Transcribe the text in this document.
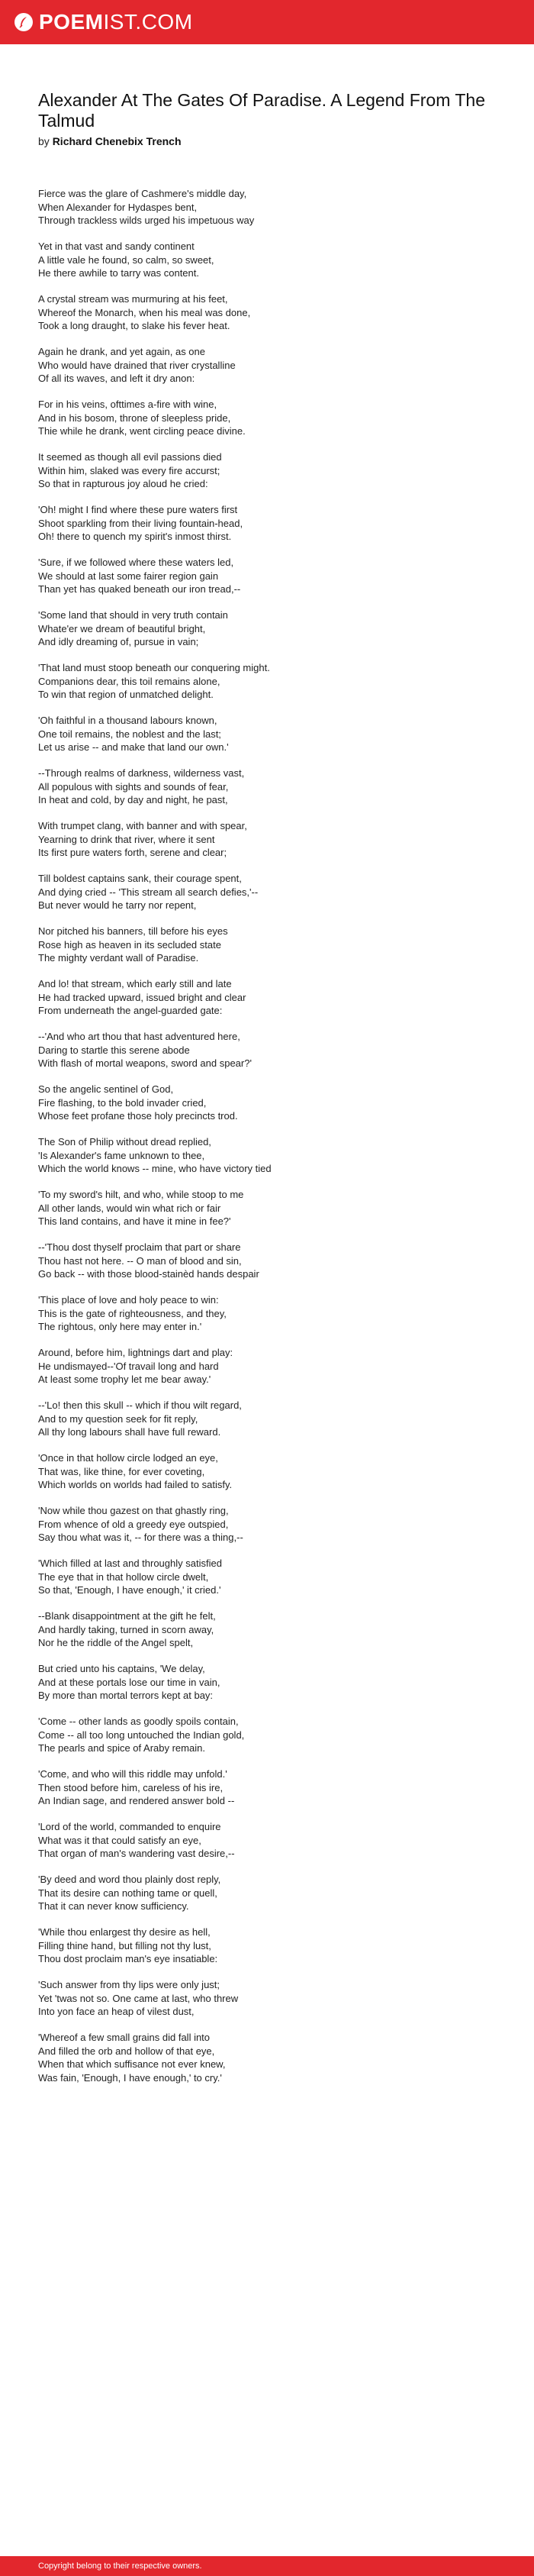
POEMIST.COM
Alexander At The Gates Of Paradise. A Legend From The Talmud
by Richard Chenebix Trench
Fierce was the glare of Cashmere's middle day,
When Alexander for Hydaspes bent,
Through trackless wilds urged his impetuous way
Yet in that vast and sandy continent
A little vale he found, so calm, so sweet,
He there awhile to tarry was content.
A crystal stream was murmuring at his feet,
Whereof the Monarch, when his meal was done,
Took a long draught, to slake his fever heat.
Again he drank, and yet again, as one
Who would have drained that river crystalline
Of all its waves, and left it dry anon:
For in his veins, ofttimes a-fire with wine,
And in his bosom, throne of sleepless pride,
Thie while he drank, went circling peace divine.
It seemed as though all evil passions died
Within him, slaked was every fire accurst;
So that in rapturous joy aloud he cried:
'Oh! might I find where these pure waters first
Shoot sparkling from their living fountain-head,
Oh! there to quench my spirit's inmost thirst.
'Sure, if we followed where these waters led,
We should at last some fairer region gain
Than yet has quaked beneath our iron tread,--
'Some land that should in very truth contain
Whate'er we dream of beautiful bright,
And idly dreaming of, pursue in vain;
'That land must stoop beneath our conquering might.
Companions dear, this toil remains alone,
To win that region of unmatched delight.
'Oh faithful in a thousand labours known,
One toil remains, the noblest and the last;
Let us arise -- and make that land our own.'
--Through realms of darkness, wilderness vast,
All populous with sights and sounds of fear,
In heat and cold, by day and night, he past,
With trumpet clang, with banner and with spear,
Yearning to drink that river, where it sent
Its first pure waters forth, serene and clear;
Till boldest captains sank, their courage spent,
And dying cried -- 'This stream all search defies,'--
But never would he tarry nor repent,
Nor pitched his banners, till before his eyes
Rose high as heaven in its secluded state
The mighty verdant wall of Paradise.
And lo! that stream, which early still and late
He had tracked upward, issued bright and clear
From underneath the angel-guarded gate:
--'And who art thou that hast adventured here,
Daring to startle this serene abode
With flash of mortal weapons, sword and spear?'
So the angelic sentinel of God,
Fire flashing, to the bold invader cried,
Whose feet profane those holy precincts trod.
The Son of Philip without dread replied,
'Is Alexander's fame unknown to thee,
Which the world knows -- mine, who have victory tied
'To my sword's hilt, and who, while stoop to me
All other lands, would win what rich or fair
This land contains, and have it mine in fee?'
--'Thou dost thyself proclaim that part or share
Thou hast not here. -- O man of blood and sin,
Go back -- with those blood-stainèd hands despair
'This place of love and holy peace to win:
This is the gate of righteousness, and they,
The rightous, only here may enter in.'
Around, before him, lightnings dart and play:
He undismayed--'Of travail long and hard
At least some trophy let me bear away.'
--'Lo! then this skull -- which if thou wilt regard,
And to my question seek for fit reply,
All thy long labours shall have full reward.
'Once in that hollow circle lodged an eye,
That was, like thine, for ever coveting,
Which worlds on worlds had failed to satisfy.
'Now while thou gazest on that ghastly ring,
From whence of old a greedy eye outspied,
Say thou what was it, -- for there was a thing,--
'Which filled at last and throughly satisfied
The eye that in that hollow circle dwelt,
So that, 'Enough, I have enough,' it cried.'
--Blank disappointment at the gift he felt,
And hardly taking, turned in scorn away,
Nor he the riddle of the Angel spelt,
But cried unto his captains, 'We delay,
And at these portals lose our time in vain,
By more than mortal terrors kept at bay:
'Come -- other lands as goodly spoils contain,
Come -- all too long untouched the Indian gold,
The pearls and spice of Araby remain.
'Come, and who will this riddle may unfold.'
Then stood before him, careless of his ire,
An Indian sage, and rendered answer bold --
'Lord of the world, commanded to enquire
What was it that could satisfy an eye,
That organ of man's wandering vast desire,--
'By deed and word thou plainly dost reply,
That its desire can nothing tame or quell,
That it can never know sufficiency.
'While thou enlargest thy desire as hell,
Filling thine hand, but filling not thy lust,
Thou dost proclaim man's eye insatiable:
'Such answer from thy lips were only just;
Yet 'twas not so. One came at last, who threw
Into yon face an heap of vilest dust,
'Whereof a few small grains did fall into
And filled the orb and hollow of that eye,
When that which suffisance not ever knew,
Was fain, 'Enough, I have enough,' to cry.'
Copyright belong to their respective owners.
